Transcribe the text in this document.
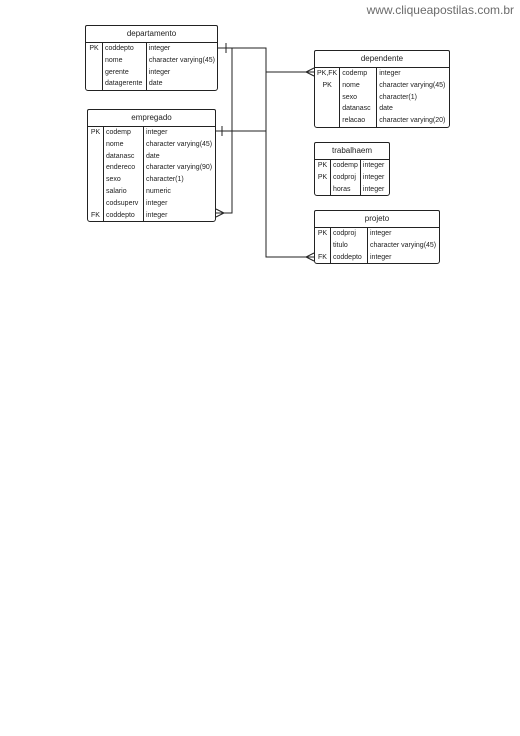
www.cliqueapostilas.com.br
departamento
PK	coddepto	integer
	nome	character varying(45)
	gerente	integer
	datagerente	date
empregado
PK	codemp	integer
	nome	character varying(45)
	datanasc	date
	endereco	character varying(90)
	sexo	character(1)
	salario	numeric
	codsuperv	integer
FK	coddepto	integer
dependente
PK,FK	codemp	integer
PK	nome	character varying(45)
	sexo	character(1)
	datanasc	date
	relacao	character varying(20)
trabalhaem
PK	codemp	integer
PK	codproj	integer
	horas	integer
projeto
PK	codproj	integer
	titulo	character varying(45)
FK	coddepto	integer
